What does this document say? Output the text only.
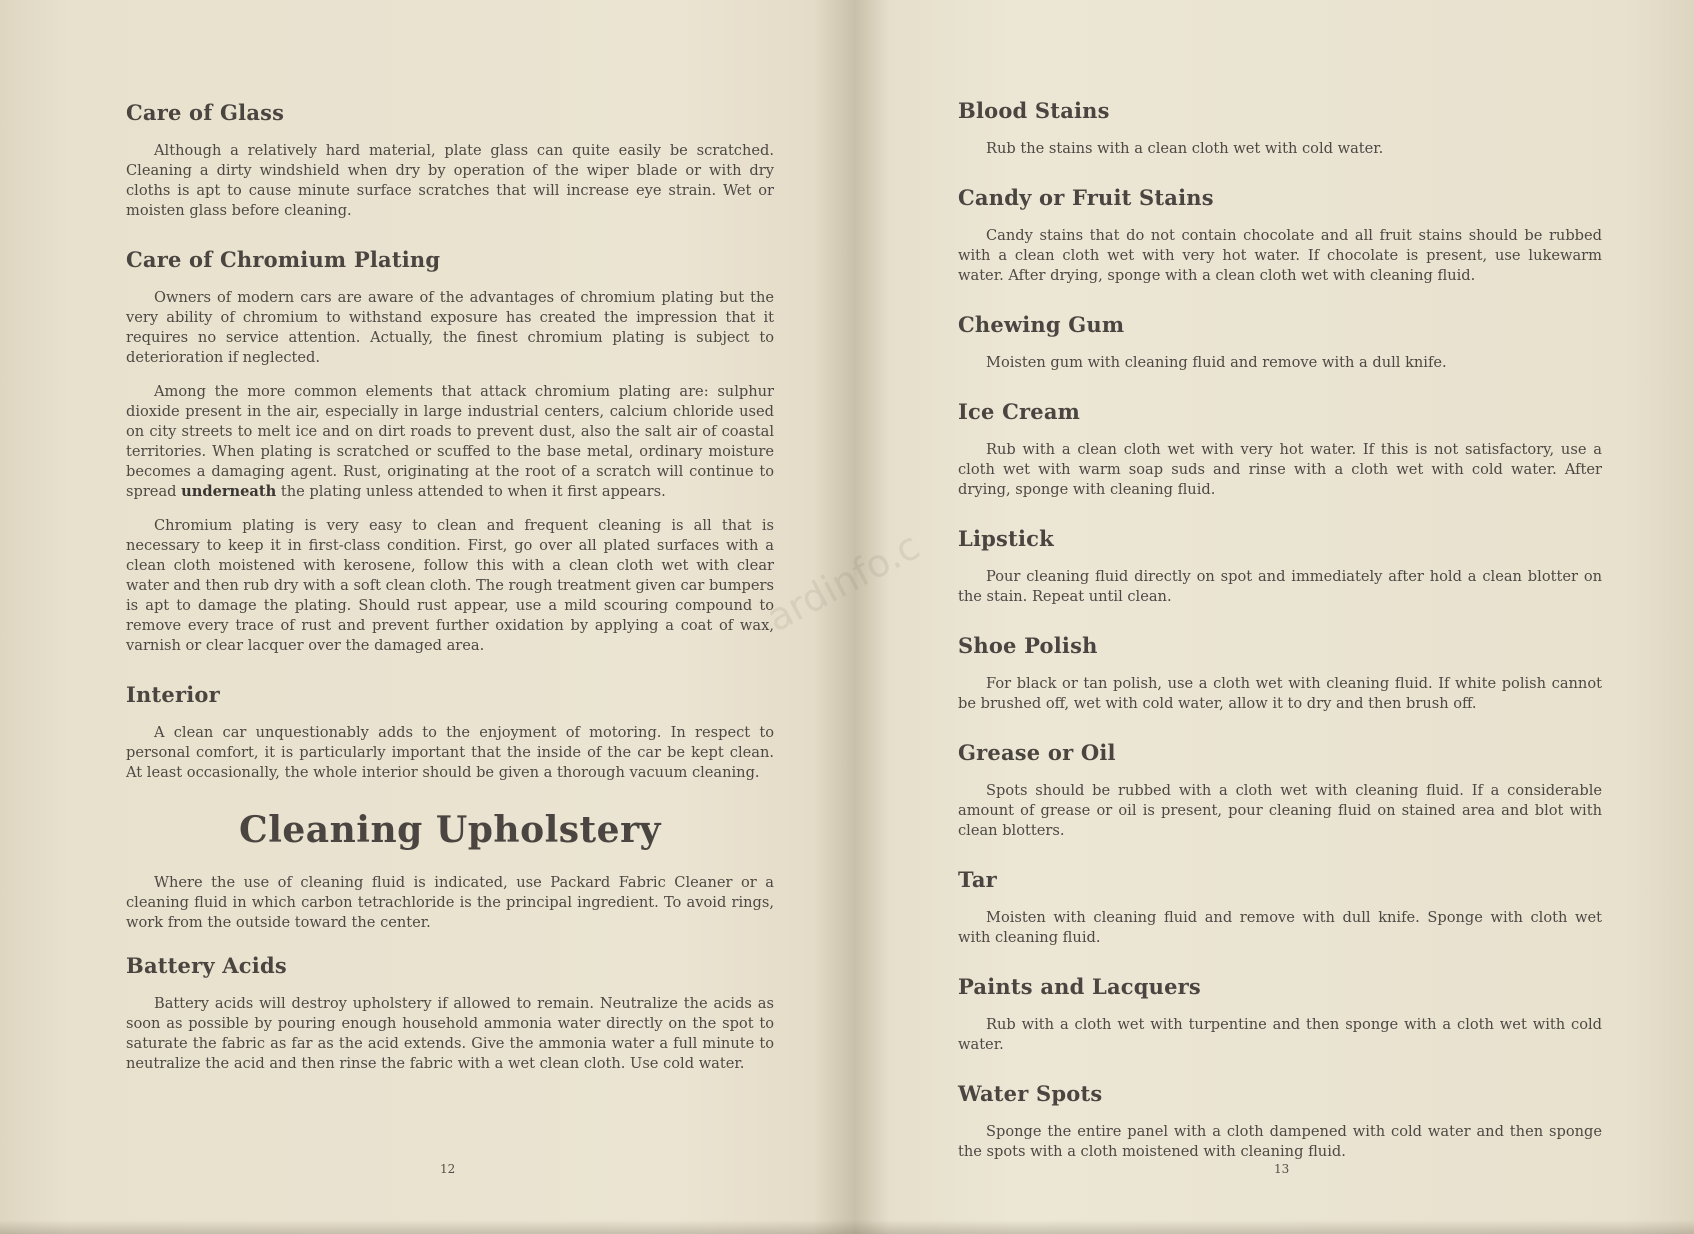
Care of Glass

Although a relatively hard material, plate glass can quite easily be scratched. Cleaning a dirty windshield when dry by operation of the wiper blade or with dry cloths is apt to cause minute surface scratches that will increase eye strain. Wet or moisten glass before cleaning.

Care of Chromium Plating

Owners of modern cars are aware of the advantages of chromium plating but the very ability of chromium to withstand exposure has created the impression that it requires no service attention. Actually, the finest chromium plating is subject to deterioration if neglected.

Among the more common elements that attack chromium plating are: sulphur dioxide present in the air, especially in large industrial centers, calcium chloride used on city streets to melt ice and on dirt roads to prevent dust, also the salt air of coastal territories. When plating is scratched or scuffed to the base metal, ordinary moisture becomes a damaging agent. Rust, originating at the root of a scratch will continue to spread underneath the plating unless attended to when it first appears.

Chromium plating is very easy to clean and frequent cleaning is all that is necessary to keep it in first-class condition. First, go over all plated surfaces with a clean cloth moistened with kerosene, follow this with a clean cloth wet with clear water and then rub dry with a soft clean cloth. The rough treatment given car bumpers is apt to damage the plating. Should rust appear, use a mild scouring compound to remove every trace of rust and prevent further oxidation by applying a coat of wax, varnish or clear lacquer over the damaged area.

Interior

A clean car unquestionably adds to the enjoyment of motoring. In respect to personal comfort, it is particularly important that the inside of the car be kept clean. At least occasionally, the whole interior should be given a thorough vacuum cleaning.

Cleaning Upholstery

Where the use of cleaning fluid is indicated, use Packard Fabric Cleaner or a cleaning fluid in which carbon tetrachloride is the principal ingredient. To avoid rings, work from the outside toward the center.

Battery Acids

Battery acids will destroy upholstery if allowed to remain. Neutralize the acids as soon as possible by pouring enough household ammonia water directly on the spot to saturate the fabric as far as the acid extends. Give the ammonia water a full minute to neutralize the acid and then rinse the fabric with a wet clean cloth. Use cold water.

12
ardinfo.c
Blood Stains

Rub the stains with a clean cloth wet with cold water.

Candy or Fruit Stains

Candy stains that do not contain chocolate and all fruit stains should be rubbed with a clean cloth wet with very hot water. If chocolate is present, use lukewarm water. After drying, sponge with a clean cloth wet with cleaning fluid.

Chewing Gum

Moisten gum with cleaning fluid and remove with a dull knife.

Ice Cream

Rub with a clean cloth wet with very hot water. If this is not satisfactory, use a cloth wet with warm soap suds and rinse with a cloth wet with cold water. After drying, sponge with cleaning fluid.

Lipstick

Pour cleaning fluid directly on spot and immediately after hold a clean blotter on the stain. Repeat until clean.

Shoe Polish

For black or tan polish, use a cloth wet with cleaning fluid. If white polish cannot be brushed off, wet with cold water, allow it to dry and then brush off.

Grease or Oil

Spots should be rubbed with a cloth wet with cleaning fluid. If a considerable amount of grease or oil is present, pour cleaning fluid on stained area and blot with clean blotters.

Tar

Moisten with cleaning fluid and remove with dull knife. Sponge with cloth wet with cleaning fluid.

Paints and Lacquers

Rub with a cloth wet with turpentine and then sponge with a cloth wet with cold water.

Water Spots

Sponge the entire panel with a cloth dampened with cold water and then sponge the spots with a cloth moistened with cleaning fluid.

13
